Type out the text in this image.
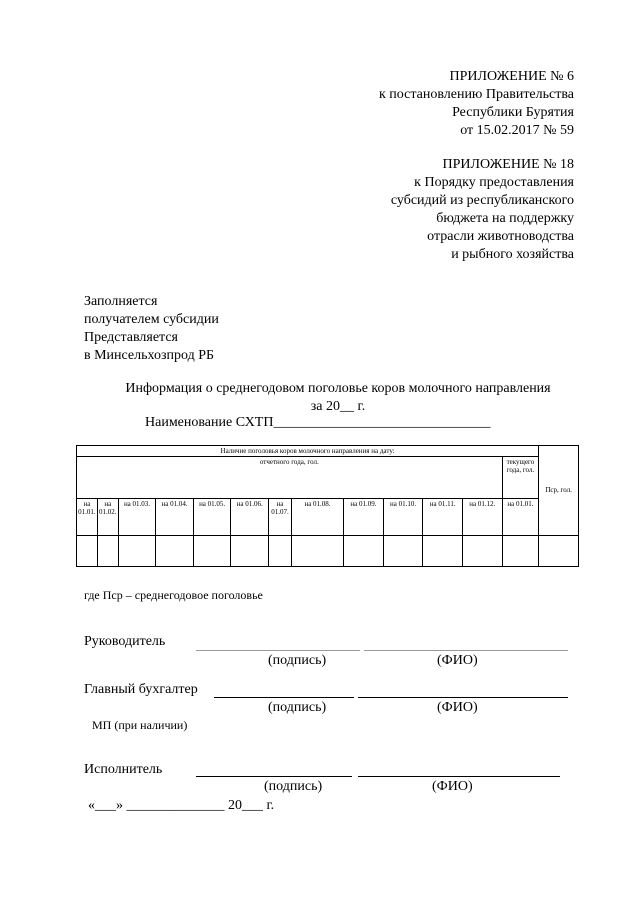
ПРИЛОЖЕНИЕ № 6
к постановлению Правительства
Республики Бурятия
от 15.02.2017 № 59
ПРИЛОЖЕНИЕ № 18
к Порядку предоставления
субсидий из республиканского
бюджета на поддержку
отрасли животноводства
и рыбного хозяйства
Заполняется
получателем субсидии
Представляется
в Минсельхозпрод РБ
Информация о среднегодовом поголовье коров молочного направления
за 20__ г.
Наименование СХТП_______________________________
Наличие поголовья коров молочного направления на дату:													Пср, гол.
отчетного года, гол.												текущего года, гол.	
на 01.01.	на 01.02.	на 01.03.	на 01.04.	на 01.05.	на 01.06.	на 01.07.	на 01.08.	на 01.09.	на 01.10.	на 01.11.	на 01.12.	на 01.01.	

где Пср – среднегодовое поголовье
Руководитель
(подпись)	(ФИО)
Главный бухгалтер
(подпись)	(ФИО)
МП (при наличии)
Исполнитель
(подпись)	(ФИО)
«___» ______________ 20___ г.
